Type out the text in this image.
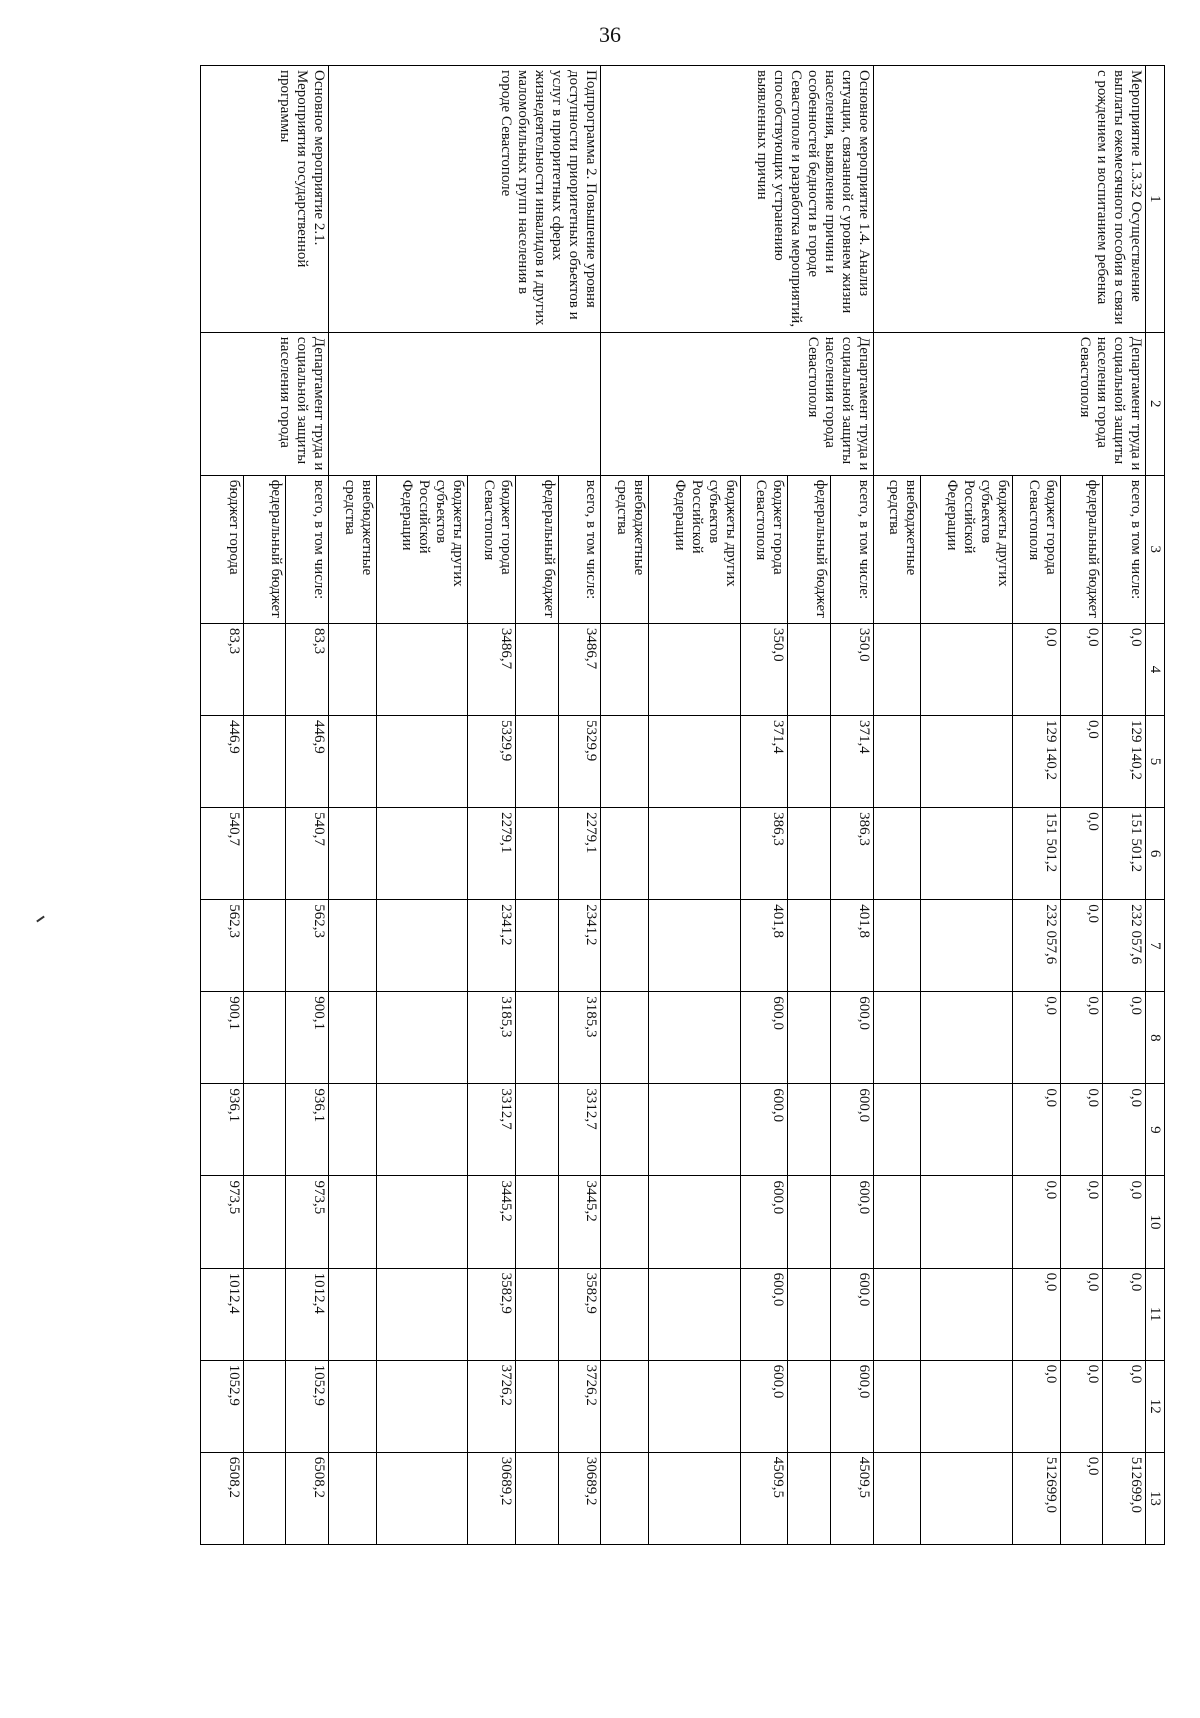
36
1	2	3	4	5	6	7	8	9	10	11	12	13
Мероприятие 1.3.32 Осуществление выплаты ежемесячного пособия в связи с рождением и воспитанием ребенка	Департамент труда и социальной защиты населения города Севастополя	всего, в том числе:	0,0	129 140,2	151 501,2	232 057,6	0,0	0,0	0,0	0,0	0,0	512699,0
		федеральный бюджет	0,0	0,0	0,0	0,0	0,0	0,0	0,0	0,0	0,0	0,0
		бюджет города Севастополя	0,0	129 140,2	151 501,2	232 057,6	0,0	0,0	0,0	0,0	0,0	512699,0
		бюджеты других субъектов Российской Федерации										
		внебюджетные средства										
Основное мероприятие 1.4. Анализ ситуации, связанной с уровнем жизни населения, выявление причин и особенностей бедности в городе Севастополе и разработка мероприятий, способствующих устранению выявленных причин	Департамент труда и социальной защиты населения города Севастополя	всего, в том числе:	350,0	371,4	386,3	401,8	600,0	600,0	600,0	600,0	600,0	4509,5
		федеральный бюджет										
		бюджет города Севастополя	350,0	371,4	386,3	401,8	600,0	600,0	600,0	600,0	600,0	4509,5
		бюджеты других субъектов Российской Федерации										
		внебюджетные средства										
Подпрограмма 2. Повышение уровня доступности приоритетных объектов и услуг в приоритетных сферах жизнедеятельности инвалидов и других маломобильных групп населения в городе Севастополе		всего, в том числе:	3486,7	5329,9	2279,1	2341,2	3185,3	3312,7	3445,2	3582,9	3726,2	30689,2
		федеральный бюджет										
		бюджет города Севастополя	3486,7	5329,9	2279,1	2341,2	3185,3	3312,7	3445,2	3582,9	3726,2	30689,2
		бюджеты других субъектов Российской Федерации										
		внебюджетные средства										
Основное мероприятие 2.1. Мероприятия государственной программы	Департамент труда и социальной защиты населения города	всего, в том числе:	83,3	446,9	540,7	562,3	900,1	936,1	973,5	1012,4	1052,9	6508,2
		федеральный бюджет										
		бюджет города	83,3	446,9	540,7	562,3	900,1	936,1	973,5	1012,4	1052,9	6508,2
